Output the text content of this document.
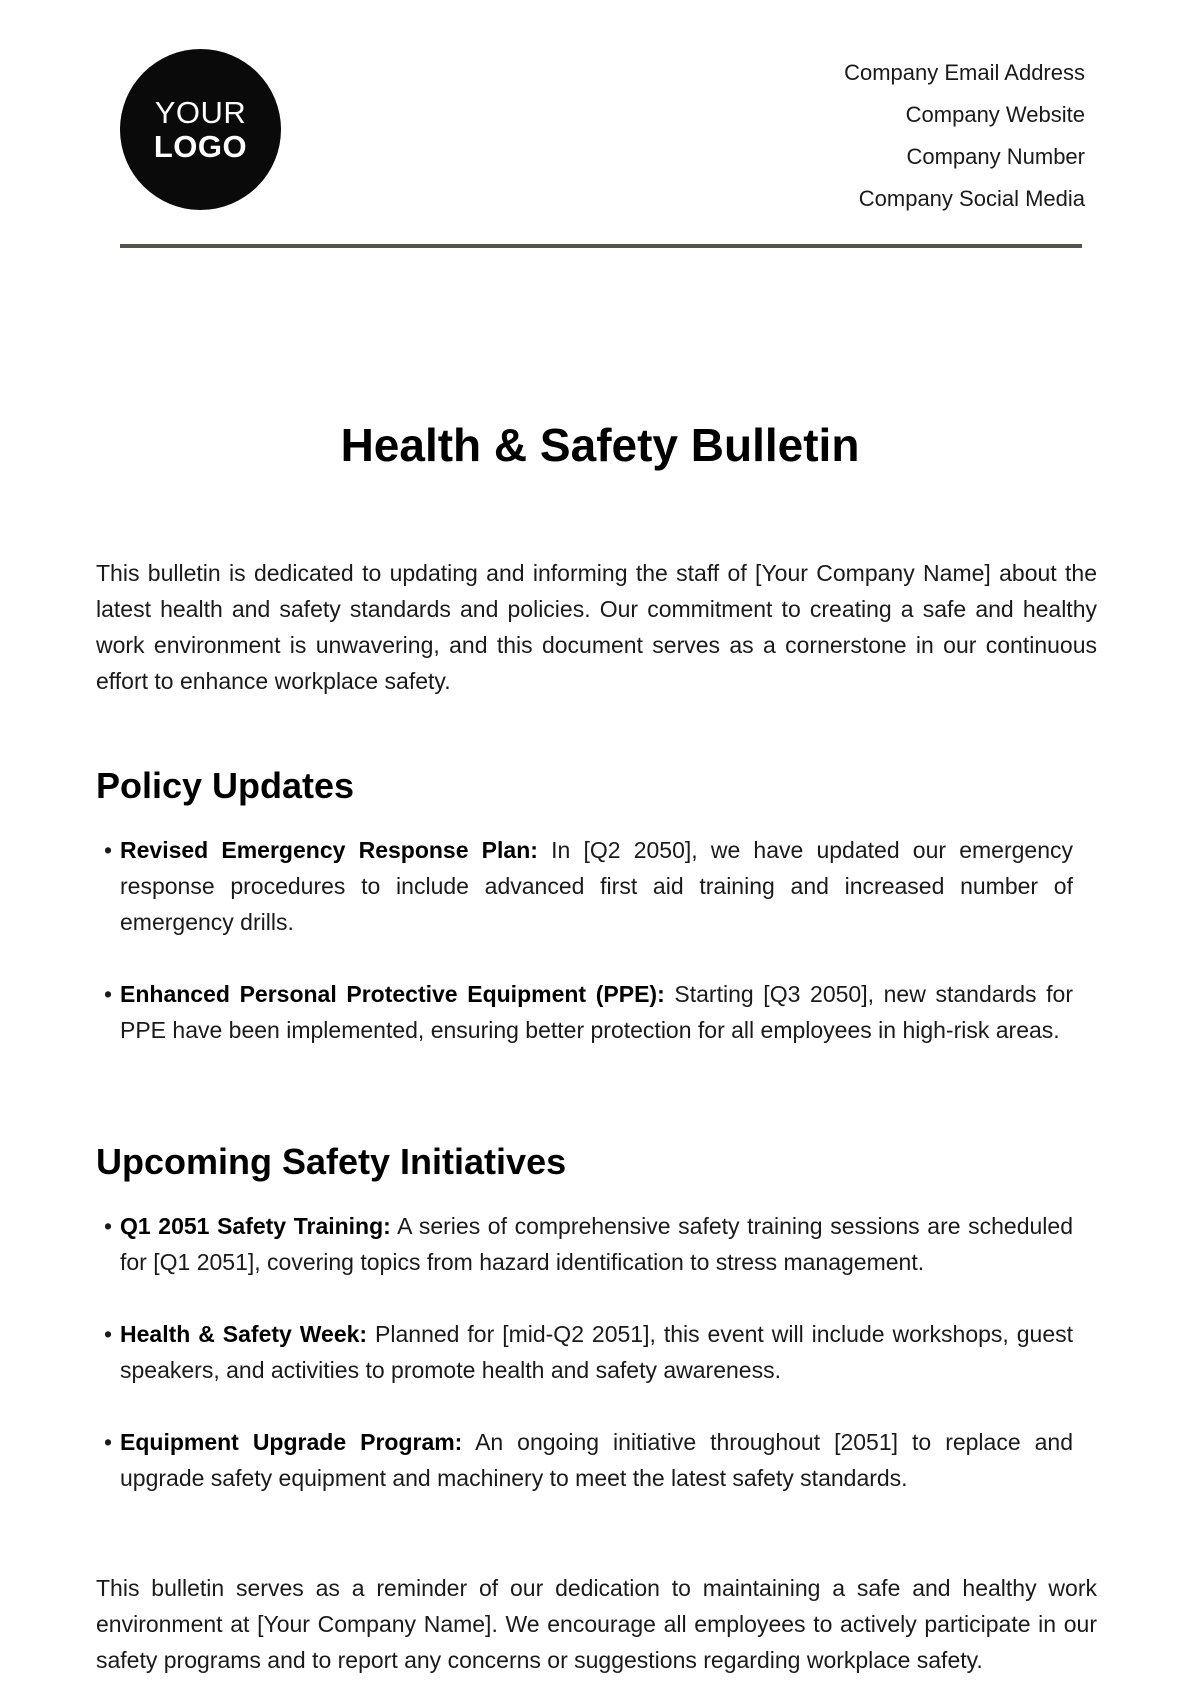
YOUR
LOGO
Company Email Address
Company Website
Company Number
Company Social Media
Health & Safety Bulletin

This bulletin is dedicated to updating and informing the staff of [Your Company Name] about the latest health and safety standards and policies. Our commitment to creating a safe and healthy work environment is unwavering, and this document serves as a cornerstone in our continuous effort to enhance workplace safety.

Policy Updates
• Revised Emergency Response Plan: In [Q2 2050], we have updated our emergency response procedures to include advanced first aid training and increased number of emergency drills.
• Enhanced Personal Protective Equipment (PPE): Starting [Q3 2050], new standards for PPE have been implemented, ensuring better protection for all employees in high-risk areas.
Upcoming Safety Initiatives
• Q1 2051 Safety Training: A series of comprehensive safety training sessions are scheduled for [Q1 2051], covering topics from hazard identification to stress management.
• Health & Safety Week: Planned for [mid-Q2 2051], this event will include workshops, guest speakers, and activities to promote health and safety awareness.
• Equipment Upgrade Program: An ongoing initiative throughout [2051] to replace and upgrade safety equipment and machinery to meet the latest safety standards.

This bulletin serves as a reminder of our dedication to maintaining a safe and healthy work environment at [Your Company Name]. We encourage all employees to actively participate in our safety programs and to report any concerns or suggestions regarding workplace safety.
